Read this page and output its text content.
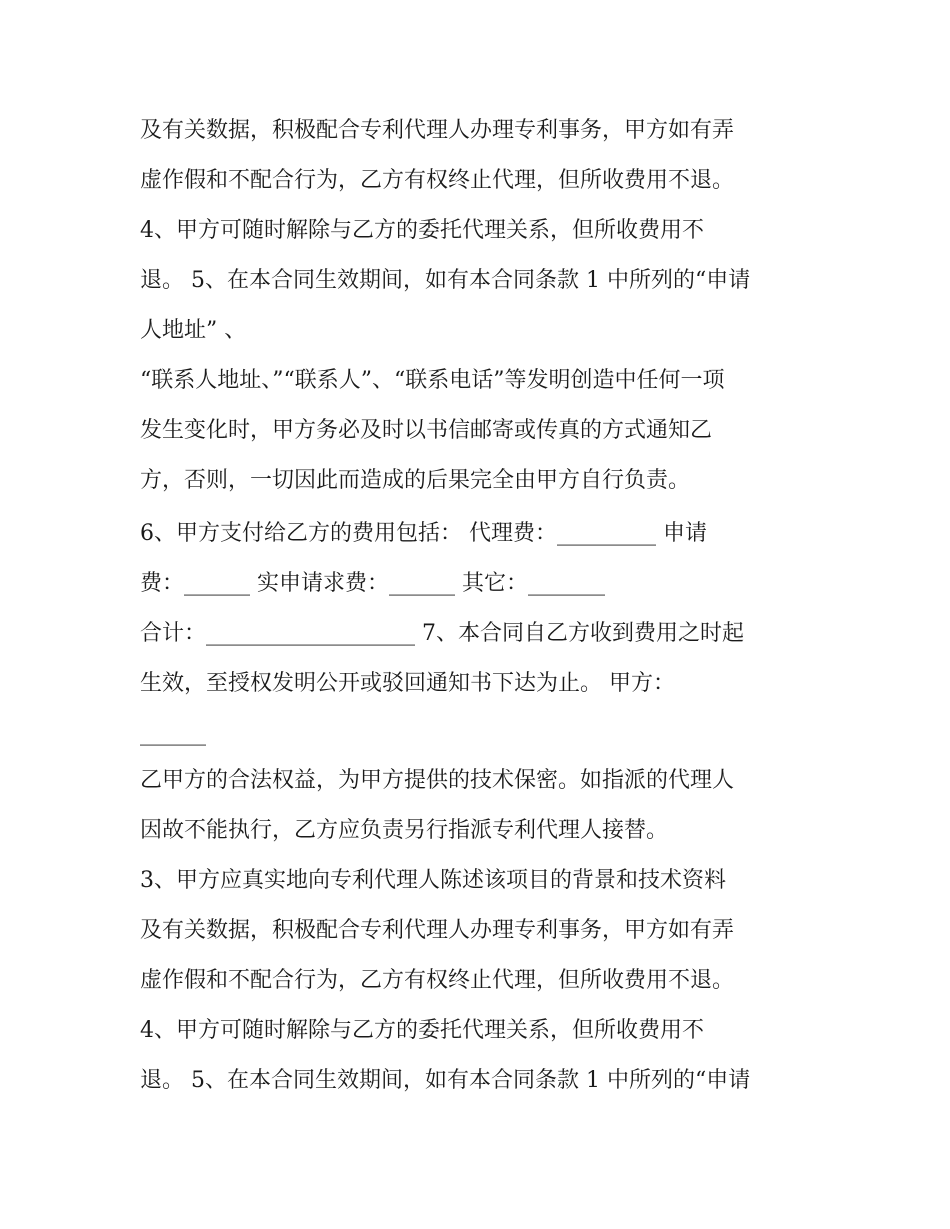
及有关数据，积极配合专利代理人办理专利事务，甲方如有弄
虚作假和不配合行为，乙方有权终止代理，但所收费用不退。
4、甲方可随时解除与乙方的委托代理关系，但所收费用不
退。 5、在本合同生效期间，如有本合同条款 1 中所列的“申请
人地址” 、
“联系人地址、”“联系人”、“联系电话”等发明创造中任何一项
发生变化时，甲方务必及时以书信邮寄或传真的方式通知乙
方，否则，一切因此而造成的后果完全由甲方自行负责。
6、甲方支付给乙方的费用包括： 代理费：_________ 申请
费：______ 实申请求费：______ 其它：_______
合计：___________________ 7、本合同自乙方收到费用之时起
生效，至授权发明公开或驳回通知书下达为止。 甲方：
______
乙甲方的合法权益，为甲方提供的技术保密。如指派的代理人
因故不能执行，乙方应负责另行指派专利代理人接替。
3、甲方应真实地向专利代理人陈述该项目的背景和技术资料
及有关数据，积极配合专利代理人办理专利事务，甲方如有弄
虚作假和不配合行为，乙方有权终止代理，但所收费用不退。
4、甲方可随时解除与乙方的委托代理关系，但所收费用不
退。 5、在本合同生效期间，如有本合同条款 1 中所列的“申请
